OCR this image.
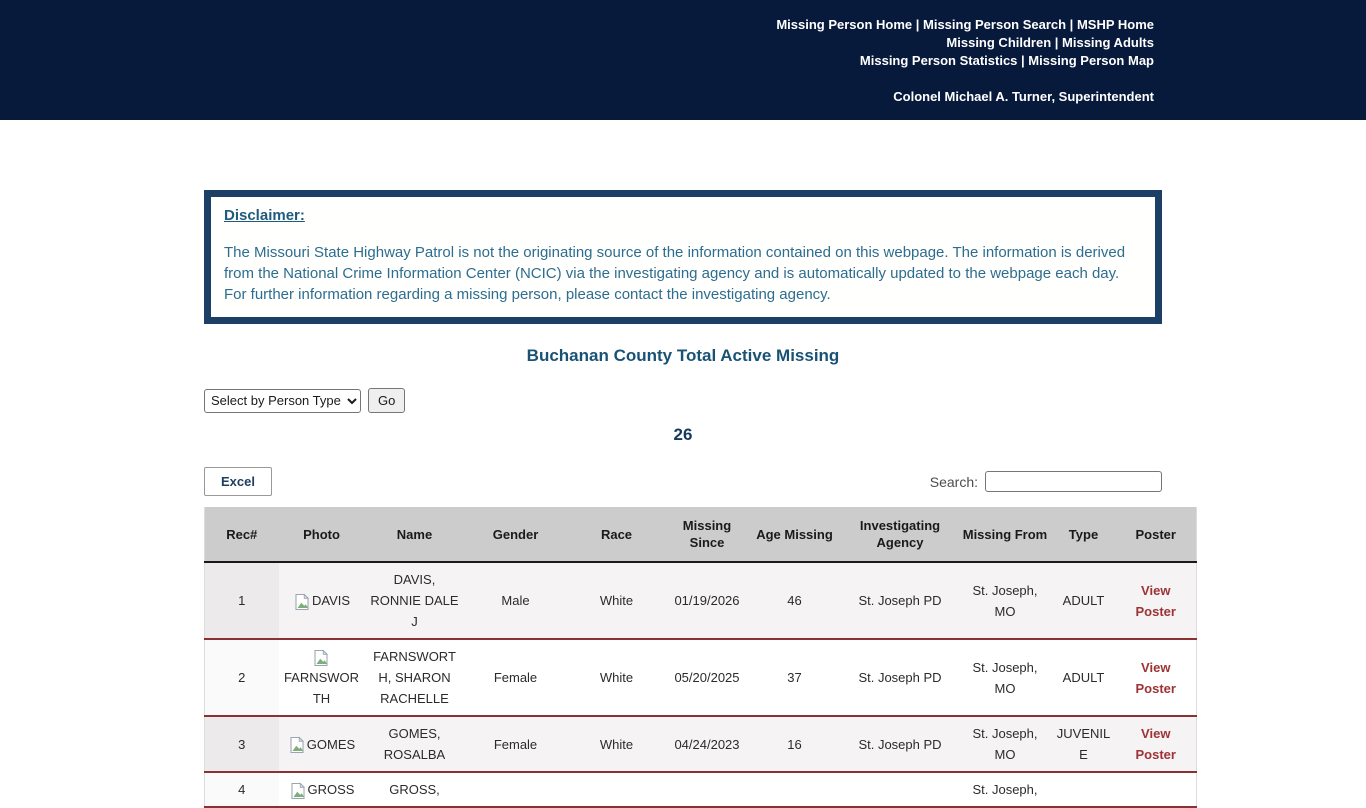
Missing Person Home | Missing Person Search | MSHP Home
Missing Children | Missing Adults
Missing Person Statistics | Missing Person Map
Colonel Michael A. Turner, Superintendent
Disclaimer:

The Missouri State Highway Patrol is not the originating source of the information contained on this webpage. The information is derived from the National Crime Information Center (NCIC) via the investigating agency and is automatically updated to the webpage each day. For further information regarding a missing person, please contact the investigating agency.

Buchanan County Total Active Missing
Select by Person Type
Go
26
Excel	Search:
Rec#	Photo	Name	Gender	Race	Missing Since	Age Missing	Investigating Agency	Missing From	Type	Poster
1	DAVIS	DAVIS, RONNIE DALE J	Male	White	01/19/2026	46	St. Joseph PD	St. Joseph, MO	ADULT	View Poster
2	FARNSWORTH	FARNSWORTH, SHARON RACHELLE	Female	White	05/20/2025	37	St. Joseph PD	St. Joseph, MO	ADULT	View Poster
3	GOMES	GOMES, ROSALBA	Female	White	04/24/2023	16	St. Joseph PD	St. Joseph, MO	JUVENILE	View Poster
4	GROSS	GROSS,						St. Joseph,		
